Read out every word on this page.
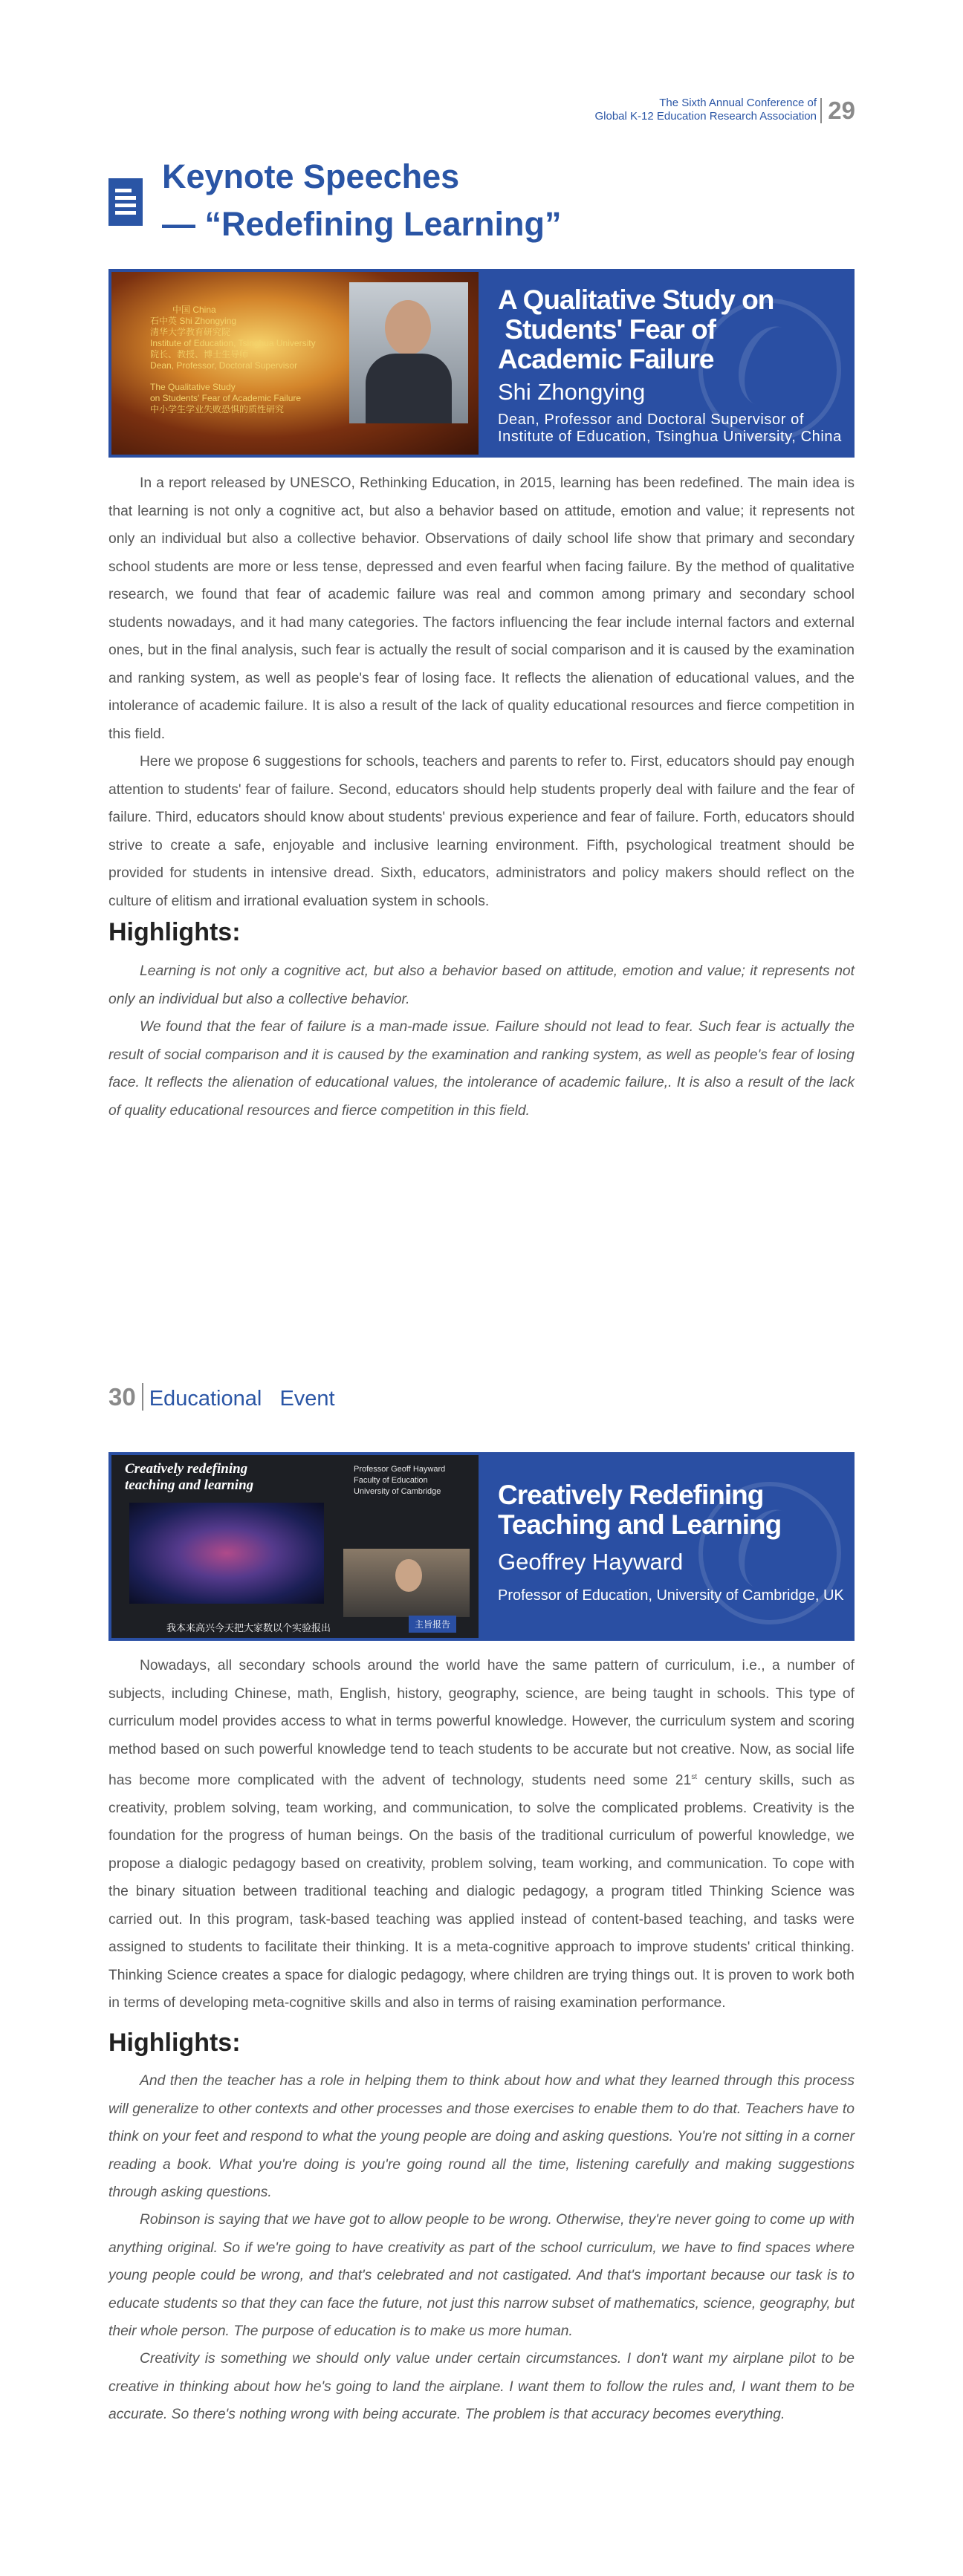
The Sixth Annual Conference of
Global K-12 Education Research Association 29
Keynote Speeches
— “Redefining Learning”
中国 China
石中英 Shi Zhongying
清华大学教育研究院
Institute of Education, Tsinghua University
院长、教授、博士生导师
Dean, Professor, Doctoral Supervisor
The Qualitative Study
on Students' Fear of Academic Failure
中小学生学业失败恐惧的质性研究
A Qualitative Study on
Students' Fear of
Academic Failure
Shi Zhongying
Dean, Professor and Doctoral Supervisor of
Institute of Education, Tsinghua University, China

In a report released by UNESCO, Rethinking Education, in 2015, learning has been redefined. The main idea is that learning is not only a cognitive act, but also a behavior based on attitude, emotion and value; it represents not only an individual but also a collective behavior. Observations of daily school life show that primary and secondary school students are more or less tense, depressed and even fearful when facing failure. By the method of qualitative research, we found that fear of academic failure was real and common among primary and secondary school students nowadays, and it had many categories. The factors influencing the fear include internal factors and external ones, but in the final analysis, such fear is actually the result of social comparison and it is caused by the examination and ranking system, as well as people's fear of losing face. It reflects the alienation of educational values, and the intolerance of academic failure. It is also a result of the lack of quality educational resources and fierce competition in this field.

Here we propose 6 suggestions for schools, teachers and parents to refer to. First, educators should pay enough attention to students' fear of failure. Second, educators should help students properly deal with failure and the fear of failure. Third, educators should know about students' previous experience and fear of failure. Forth, educators should strive to create a safe, enjoyable and inclusive learning environment. Fifth, psychological treatment should be provided for students in intensive dread. Sixth, educators, administrators and policy makers should reflect on the culture of elitism and irrational evaluation system in schools.

Highlights:

Learning is not only a cognitive act, but also a behavior based on attitude, emotion and value; it represents not only an individual but also a collective behavior.

We found that the fear of failure is a man-made issue. Failure should not lead to fear. Such fear is actually the result of social comparison and it is caused by the examination and ranking system, as well as people's fear of losing face. It reflects the alienation of educational values, the intolerance of academic failure,. It is also a result of the lack of quality educational resources and fierce competition in this field.

30 Educational   Event
Creatively redefining
teaching and learning
Professor Geoff Hayward
Faculty of Education
University of Cambridge
我本来高兴今天把大家数以个实验报出	主旨报告
Creatively Redefining
Teaching and Learning
Geoffrey Hayward
Professor of Education, University of Cambridge, UK

Nowadays, all secondary schools around the world have the same pattern of curriculum, i.e., a number of subjects, including Chinese, math, English, history, geography, science, are being taught in schools. This type of curriculum model provides access to what in terms powerful knowledge. However, the curriculum system and scoring method based on such powerful knowledge tend to teach students to be accurate but not creative. Now, as social life has become more complicated with the advent of technology, students need some 21st century skills, such as creativity, problem solving, team working, and communication, to solve the complicated problems. Creativity is the foundation for the progress of human beings. On the basis of the traditional curriculum of powerful knowledge, we propose a dialogic pedagogy based on creativity, problem solving, team working, and communication. To cope with the binary situation between traditional teaching and dialogic pedagogy, a program titled Thinking Science was carried out. In this program, task-based teaching was applied instead of content-based teaching, and tasks were assigned to students to facilitate their thinking. It is a meta-cognitive approach to improve students' critical thinking. Thinking Science creates a space for dialogic pedagogy, where children are trying things out. It is proven to work both in terms of developing meta-cognitive skills and also in terms of raising examination performance.

Highlights:

And then the teacher has a role in helping them to think about how and what they learned through this process will generalize to other contexts and other processes and those exercises to enable them to do that. Teachers have to think on your feet and respond to what the young people are doing and asking questions. You're not sitting in a corner reading a book. What you're doing is you're going round all the time, listening carefully and making suggestions through asking questions.

Robinson is saying that we have got to allow people to be wrong. Otherwise, they're never going to come up with anything original. So if we're going to have creativity as part of the school curriculum, we have to find spaces where young people could be wrong, and that's celebrated and not castigated. And that's important because our task is to educate students so that they can face the future, not just this narrow subset of mathematics, science, geography, but their whole person. The purpose of education is to make us more human.

Creativity is something we should only value under certain circumstances. I don't want my airplane pilot to be creative in thinking about how he's going to land the airplane. I want them to follow the rules and, I want them to be accurate. So there's nothing wrong with being accurate. The problem is that accuracy becomes everything.
